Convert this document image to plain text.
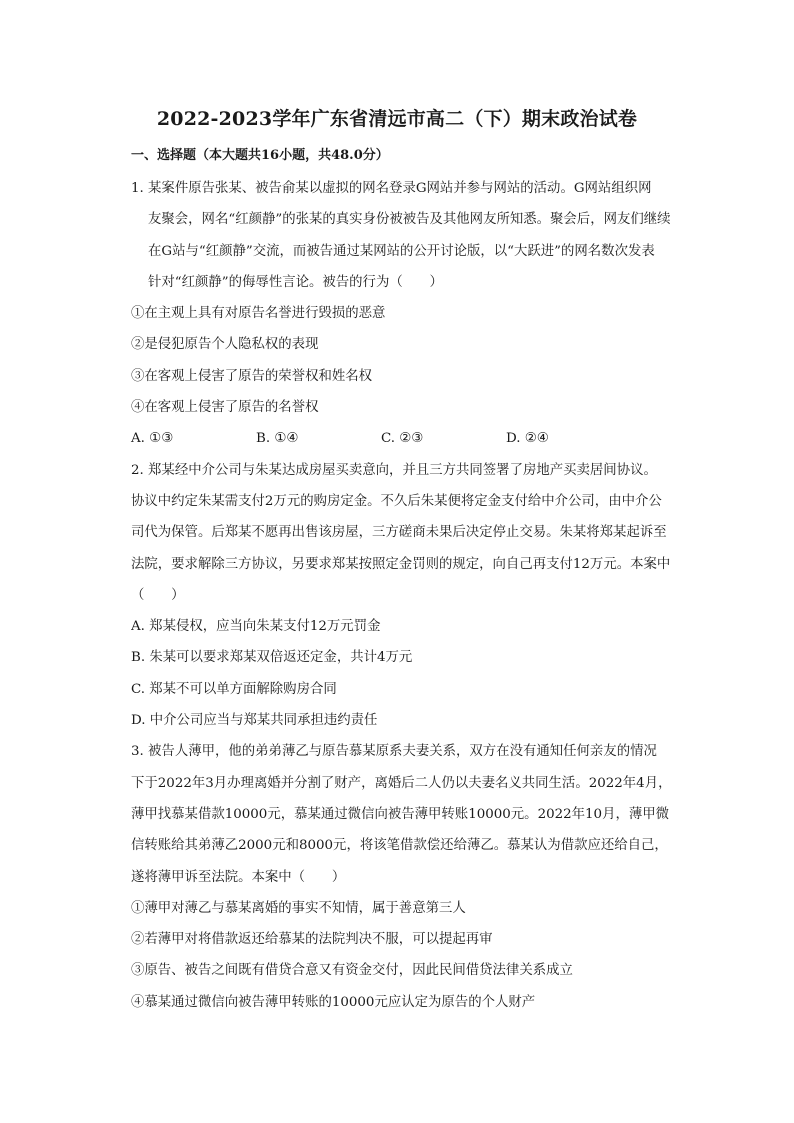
2022-2023学年广东省清远市高二（下）期末政治试卷
一、选择题（本大题共16小题，共48.0分）
1. 某案件原告张某、被告俞某以虚拟的网名登录G网站并参与网站的活动。G网站组织网
友聚会，网名“红颜静”的张某的真实身份被被告及其他网友所知悉。聚会后，网友们继续
在G站与“红颜静”交流，而被告通过某网站的公开讨论版，以“大跃进”的网名数次发表
针对“红颜静”的侮辱性言论。被告的行为（　　）
①在主观上具有对原告名誉进行毁损的恶意
②是侵犯原告个人隐私权的表现
③在客观上侵害了原告的荣誉权和姓名权
④在客观上侵害了原告的名誉权
A. ①③	B. ①④	C. ②③	D. ②④
2. 郑某经中介公司与朱某达成房屋买卖意向，并且三方共同签署了房地产买卖居间协议。
协议中约定朱某需支付2万元的购房定金。不久后朱某便将定金支付给中介公司，由中介公
司代为保管。后郑某不愿再出售该房屋，三方磋商未果后决定停止交易。朱某将郑某起诉至
法院，要求解除三方协议，另要求郑某按照定金罚则的规定，向自己再支付12万元。本案中
（　　）
A. 郑某侵权，应当向朱某支付12万元罚金
B. 朱某可以要求郑某双倍返还定金，共计4万元
C. 郑某不可以单方面解除购房合同
D. 中介公司应当与郑某共同承担违约责任
3. 被告人薄甲，他的弟弟薄乙与原告慕某原系夫妻关系，双方在没有通知任何亲友的情况
下于2022年3月办理离婚并分割了财产，离婚后二人仍以夫妻名义共同生活。2022年4月，
薄甲找慕某借款10000元，慕某通过微信向被告薄甲转账10000元。2022年10月，薄甲微
信转账给其弟薄乙2000元和8000元，将该笔借款偿还给薄乙。慕某认为借款应还给自己，
遂将薄甲诉至法院。本案中（　　）
①薄甲对薄乙与慕某离婚的事实不知情，属于善意第三人
②若薄甲对将借款返还给慕某的法院判决不服，可以提起再审
③原告、被告之间既有借贷合意又有资金交付，因此民间借贷法律关系成立
④慕某通过微信向被告薄甲转账的10000元应认定为原告的个人财产
